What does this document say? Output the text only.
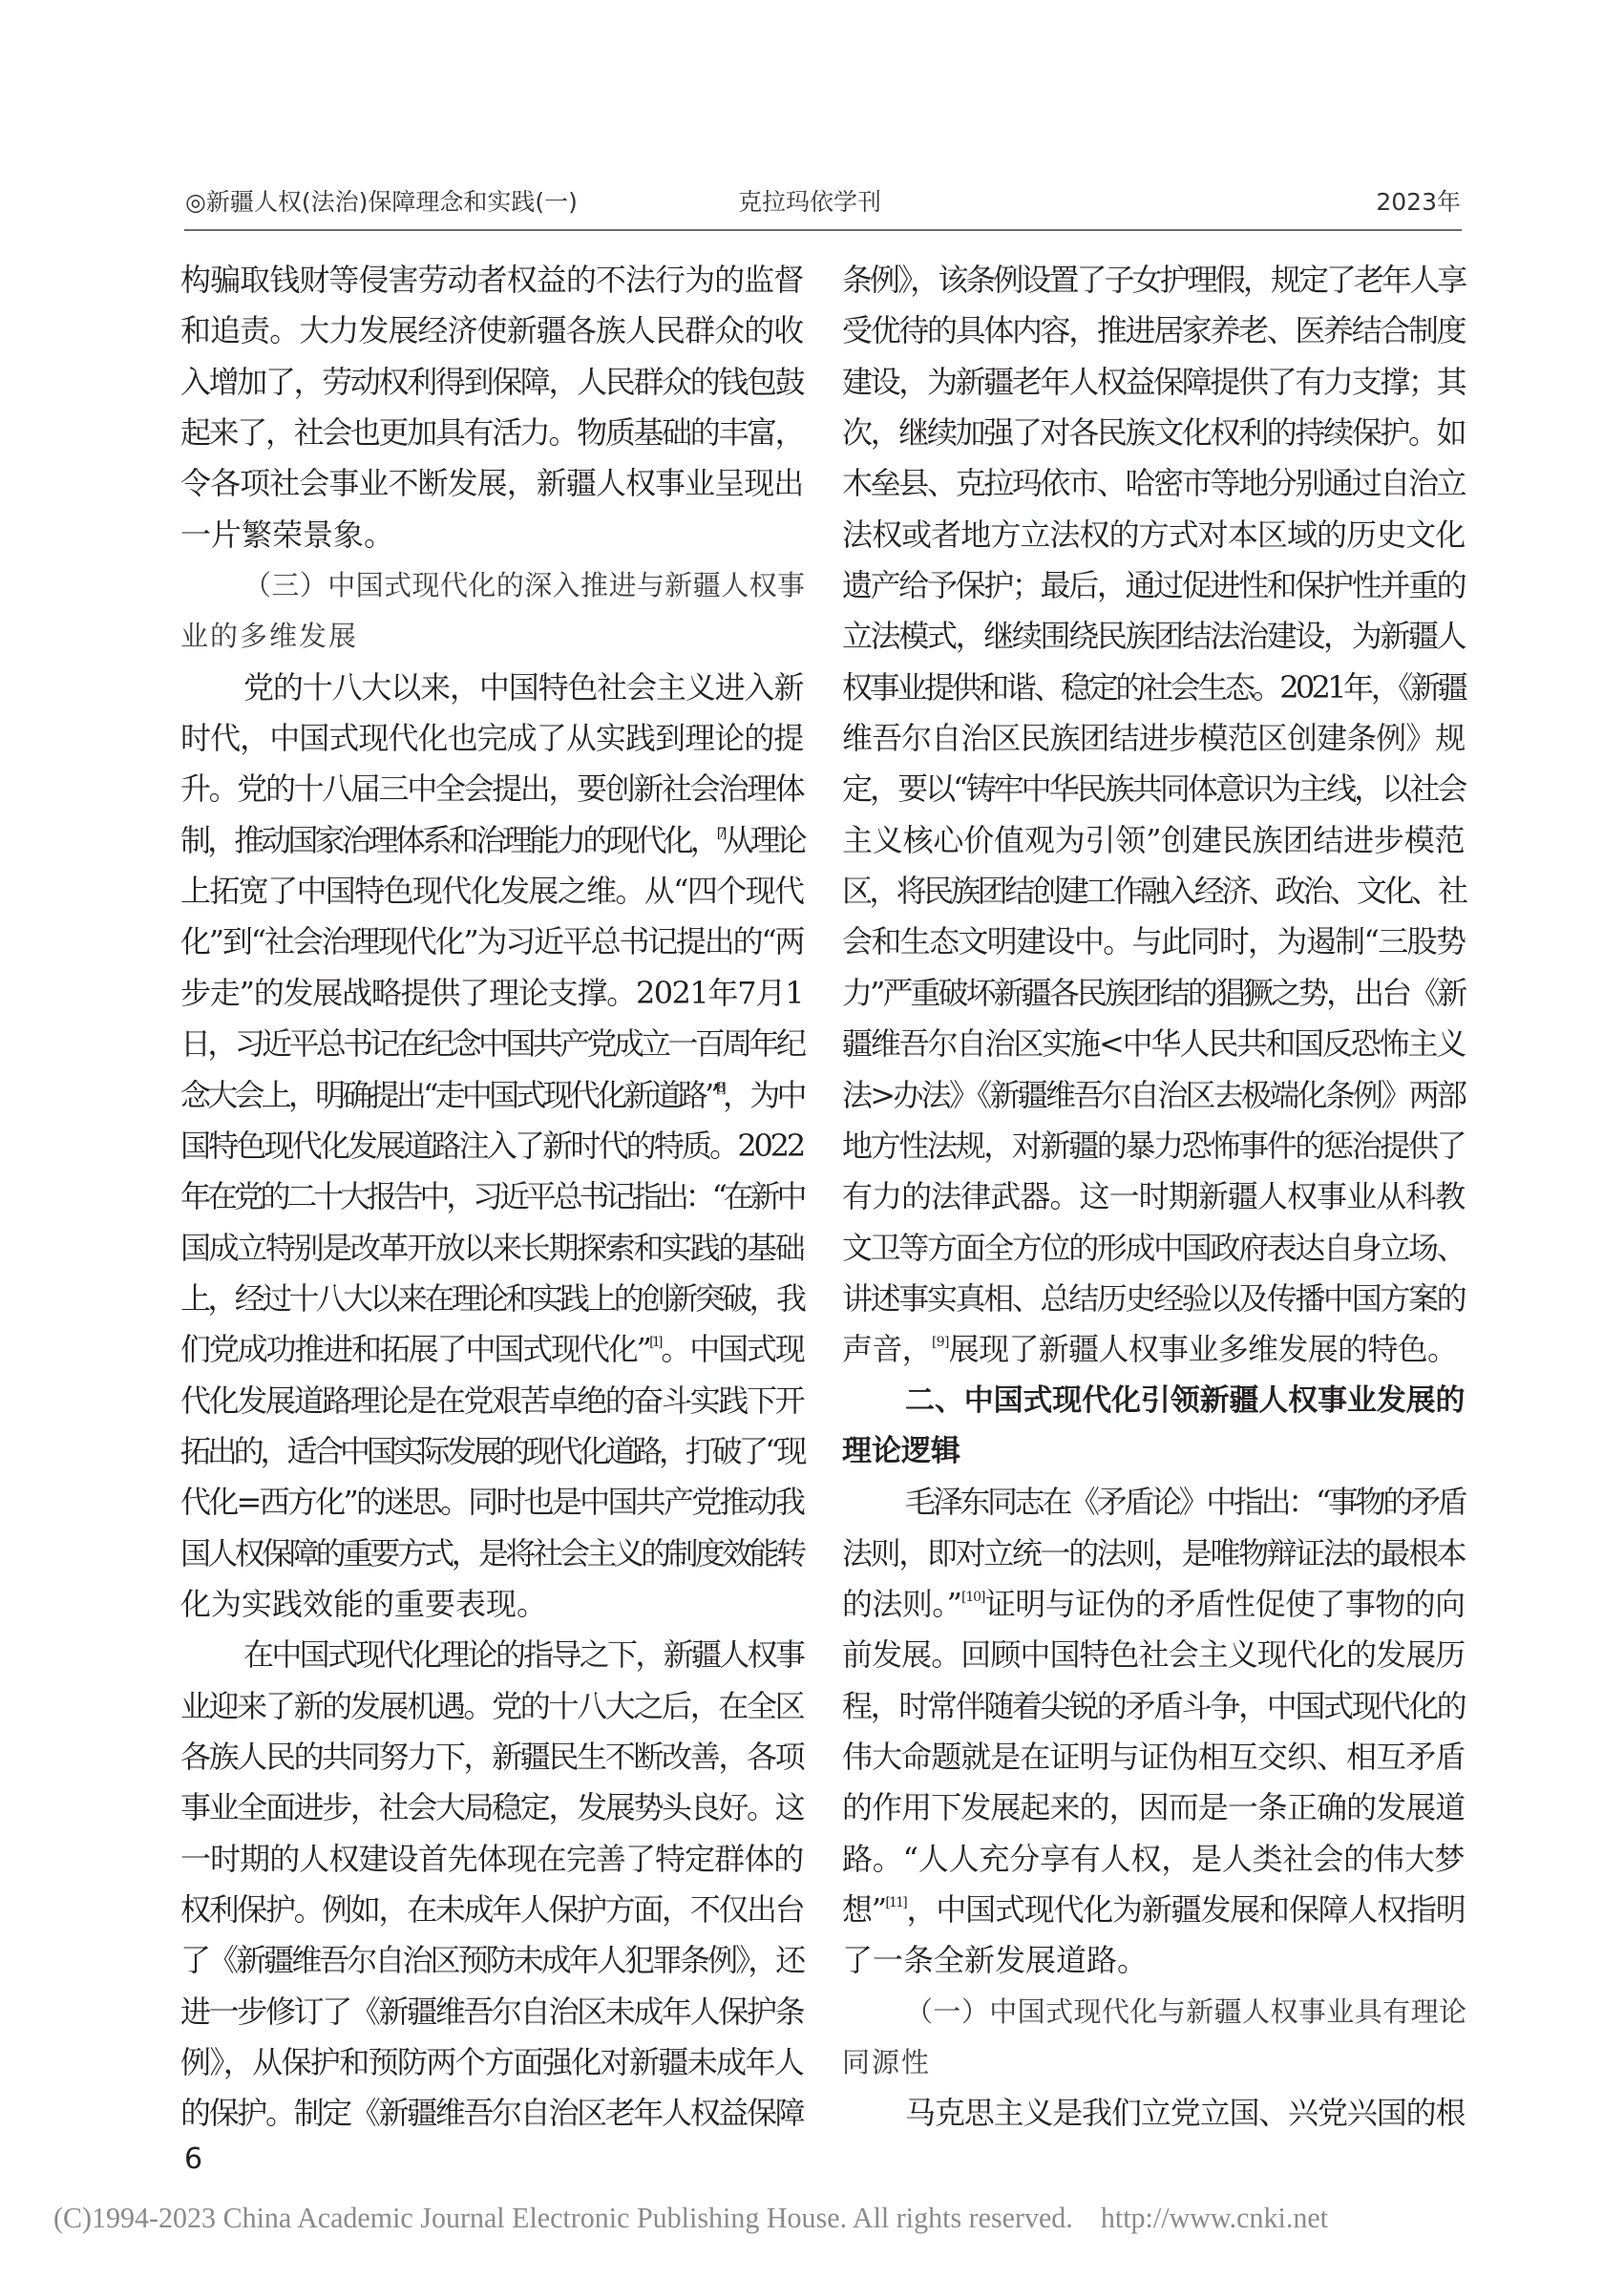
◎新疆人权(法治)保障理念和实践(一)	克拉玛依学刊	2023年
构骗取钱财等侵害劳动者权益的不法行为的监督
和追责。大力发展经济使新疆各族人民群众的收
入增加了，劳动权利得到保障，人民群众的钱包鼓
起来了，社会也更加具有活力。物质基础的丰富，
令各项社会事业不断发展，新疆人权事业呈现出
一片繁荣景象。
（三）中国式现代化的深入推进与新疆人权事
业的多维发展
党的十八大以来，中国特色社会主义进入新
时代，中国式现代化也完成了从实践到理论的提
升。党的十八届三中全会提出，要创新社会治理体
制，推动国家治理体系和治理能力的现代化，[7]从理论
上拓宽了中国特色现代化发展之维。从“四个现代
化”到“社会治理现代化”为习近平总书记提出的“两
步走”的发展战略提供了理论支撑。2021年7月1
日，习近平总书记在纪念中国共产党成立一百周年纪
念大会上，明确提出“走中国式现代化新道路”[8]，为中
国特色现代化发展道路注入了新时代的特质。2022
年在党的二十大报告中，习近平总书记指出：“在新中
国成立特别是改革开放以来长期探索和实践的基础
上，经过十八大以来在理论和实践上的创新突破，我
们党成功推进和拓展了中国式现代化”[1]。中国式现
代化发展道路理论是在党艰苦卓绝的奋斗实践下开
拓出的，适合中国实际发展的现代化道路，打破了“现
代化=西方化”的迷思。同时也是中国共产党推动我
国人权保障的重要方式，是将社会主义的制度效能转
化为实践效能的重要表现。
在中国式现代化理论的指导之下，新疆人权事
业迎来了新的发展机遇。党的十八大之后，在全区
各族人民的共同努力下，新疆民生不断改善，各项
事业全面进步，社会大局稳定，发展势头良好。这
一时期的人权建设首先体现在完善了特定群体的
权利保护。例如，在未成年人保护方面，不仅出台
了《新疆维吾尔自治区预防未成年人犯罪条例》，还
进一步修订了《新疆维吾尔自治区未成年人保护条
例》，从保护和预防两个方面强化对新疆未成年人
的保护。制定《新疆维吾尔自治区老年人权益保障
条例》，该条例设置了子女护理假，规定了老年人享
受优待的具体内容，推进居家养老、医养结合制度
建设，为新疆老年人权益保障提供了有力支撑；其
次，继续加强了对各民族文化权利的持续保护。如
木垒县、克拉玛依市、哈密市等地分别通过自治立
法权或者地方立法权的方式对本区域的历史文化
遗产给予保护；最后，通过促进性和保护性并重的
立法模式，继续围绕民族团结法治建设，为新疆人
权事业提供和谐、稳定的社会生态。2021年，《新疆
维吾尔自治区民族团结进步模范区创建条例》规
定，要以“铸牢中华民族共同体意识为主线，以社会
主义核心价值观为引领”创建民族团结进步模范
区，将民族团结创建工作融入经济、政治、文化、社
会和生态文明建设中。与此同时，为遏制“三股势
力”严重破坏新疆各民族团结的猖獗之势，出台《新
疆维吾尔自治区实施<中华人民共和国反恐怖主义
法>办法》《新疆维吾尔自治区去极端化条例》两部
地方性法规，对新疆的暴力恐怖事件的惩治提供了
有力的法律武器。这一时期新疆人权事业从科教
文卫等方面全方位的形成中国政府表达自身立场、
讲述事实真相、总结历史经验以及传播中国方案的
声音，[9]展现了新疆人权事业多维发展的特色。
二、中国式现代化引领新疆人权事业发展的
理论逻辑
毛泽东同志在《矛盾论》中指出：“事物的矛盾
法则，即对立统一的法则，是唯物辩证法的最根本
的法则。”[10]证明与证伪的矛盾性促使了事物的向
前发展。回顾中国特色社会主义现代化的发展历
程，时常伴随着尖锐的矛盾斗争，中国式现代化的
伟大命题就是在证明与证伪相互交织、相互矛盾
的作用下发展起来的，因而是一条正确的发展道
路。“人人充分享有人权，是人类社会的伟大梦
想”[11]，中国式现代化为新疆发展和保障人权指明
了一条全新发展道路。
（一）中国式现代化与新疆人权事业具有理论
同源性
马克思主义是我们立党立国、兴党兴国的根
6
(C)1994-2023 China Academic Journal Electronic Publishing House. All rights reserved. http://www.cnki.net
